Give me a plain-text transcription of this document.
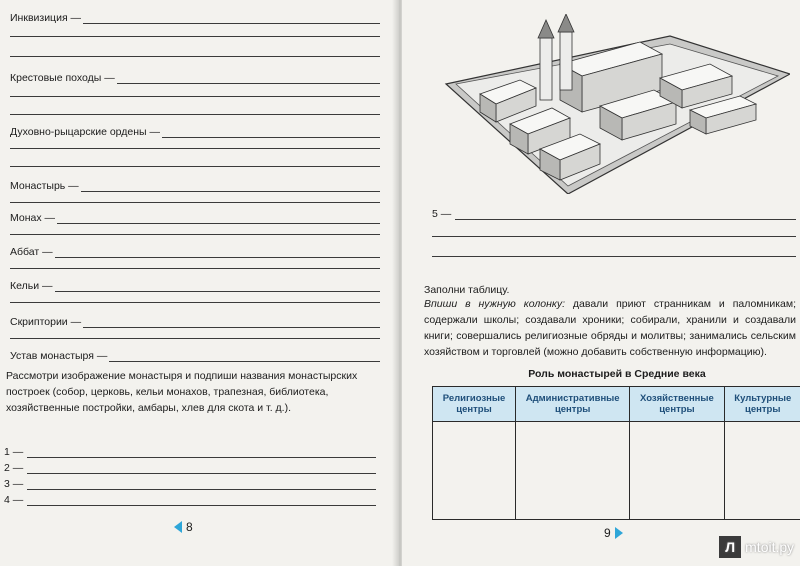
Инквизиция —
Крестовые походы —
Духовно-рыцарские ордены —
Монастырь —
Монах —
Аббат —
Кельи —
Скриптории —
Устав монастыря —
Рассмотри изображение монастыря и подпиши названия монастырских построек (собор, церковь, кельи монахов, трапезная, библиотека, хозяйственные постройки, амбары, хлев для скота и т. д.).
1 —
2 —
3 —
4 —
8
5 —
Заполни таблицу.
Впиши в нужную колонку: давали приют странникам и паломникам; содержали школы; создавали хроники; собирали, хранили и создавали книги; совершались религиозные обряды и молитвы; занимались сельским хозяйством и торговлей (можно добавить собственную информацию).
Роль монастырей в Средние века
Религиозные центры	Административные центры	Хозяйственные центры	Культурные центры

9
Л mtoit.ру
